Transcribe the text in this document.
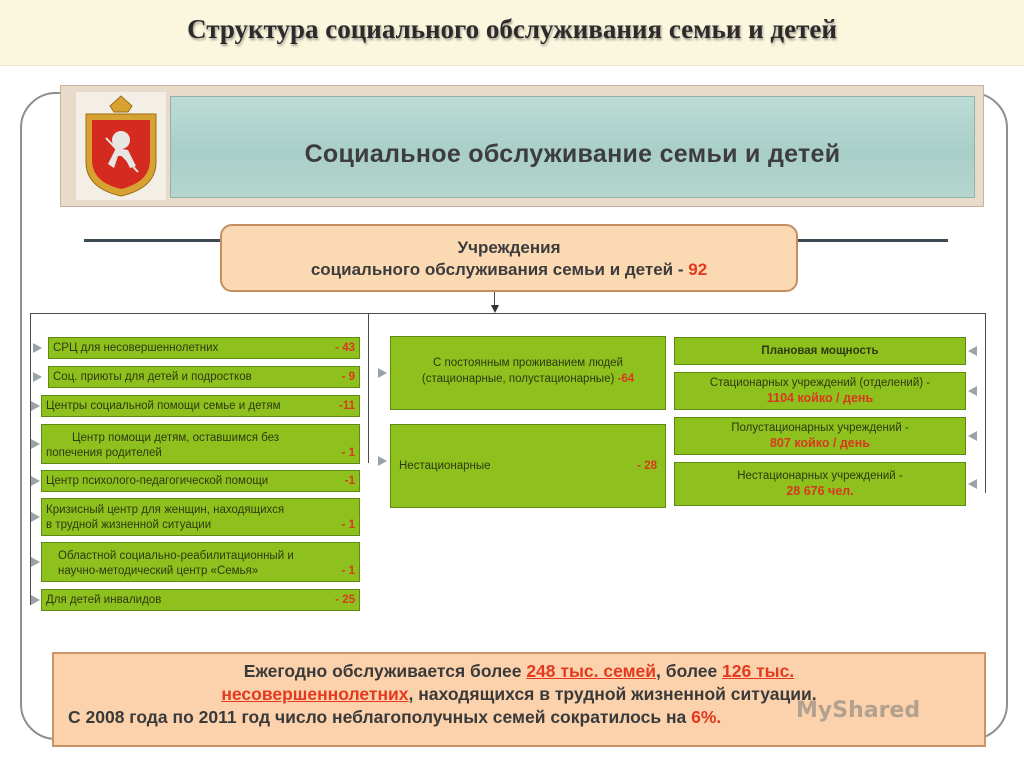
Структура социального обслуживания семьи и детей
Социальное обслуживание семьи и детей
Учреждения
социального обслуживания семьи и детей - 92
СРЦ для несовершеннолетних	- 43
Соц. приюты для детей и подростков	- 9
Центры социальной помощи семье и детям	-11
Центр помощи детям, оставшимся без
попечения родителей	- 1
Центр психолого-педагогической помощи	-1
Кризисный центр для женщин, находящихся
в трудной жизненной ситуации	- 1
Областной социально-реабилитационный и
научно-методический центр «Семья»	- 1
Для детей инвалидов	- 25
С постоянным проживанием людей
(стационарные, полустационарные) -64
Нестационарные	- 28
Плановая мощность
Стационарных учреждений (отделений) -
1104 койко / день
Полустационарных учреждений -
807 койко / день
Нестационарных учреждений -
28 676 чел.
Ежегодно обслуживается более 248 тыс. семей, более 126 тыс.
несовершеннолетних, находящихся в трудной жизненной ситуации.
С 2008 года по 2011 год число неблагополучных семей сократилось на 6%.	MyShared
